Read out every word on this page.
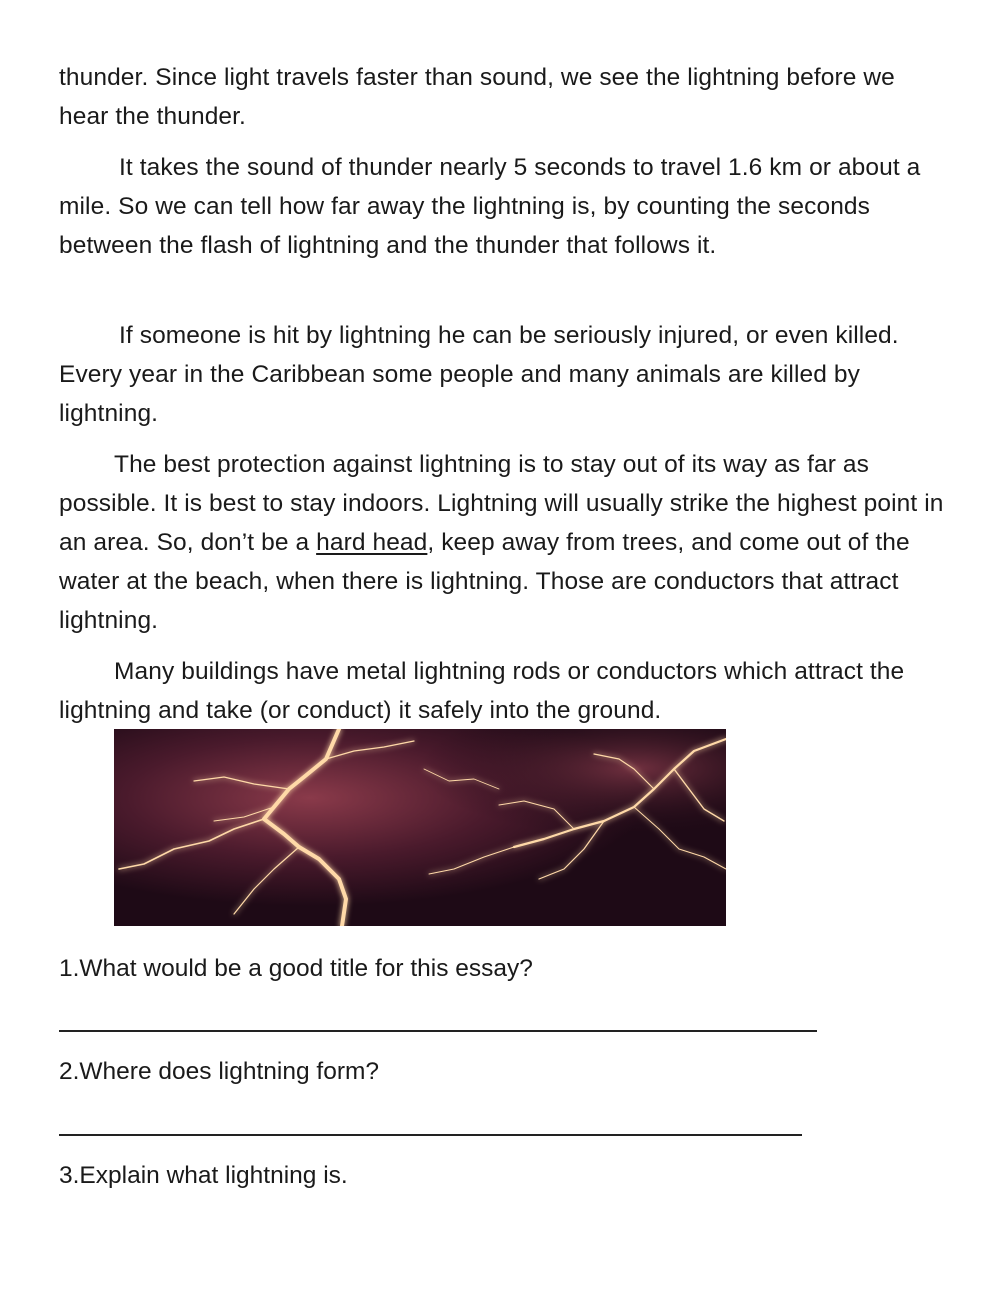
thunder. Since light travels faster than sound, we see the lightning before we hear the thunder.

It takes the sound of thunder nearly 5 seconds to travel 1.6 km or about a mile. So we can tell how far away the lightning is, by counting the seconds between the flash of lightning and the thunder that follows it.

If someone is hit by lightning he can be seriously injured, or even killed. Every year in the Caribbean some people and many animals are killed by lightning.

The best protection against lightning is to stay out of its way as far as possible. It is best to stay indoors. Lightning will usually strike the highest point in an area. So, don’t be a hard head, keep away from trees, and come out of the water at the beach, when there is lightning. Those are conductors that attract lightning.

Many buildings have metal lightning rods or conductors which attract the lightning and take (or conduct) it safely into the ground.

1.What would be a good title for this essay?

2.Where does lightning form?

3.Explain what lightning is.
